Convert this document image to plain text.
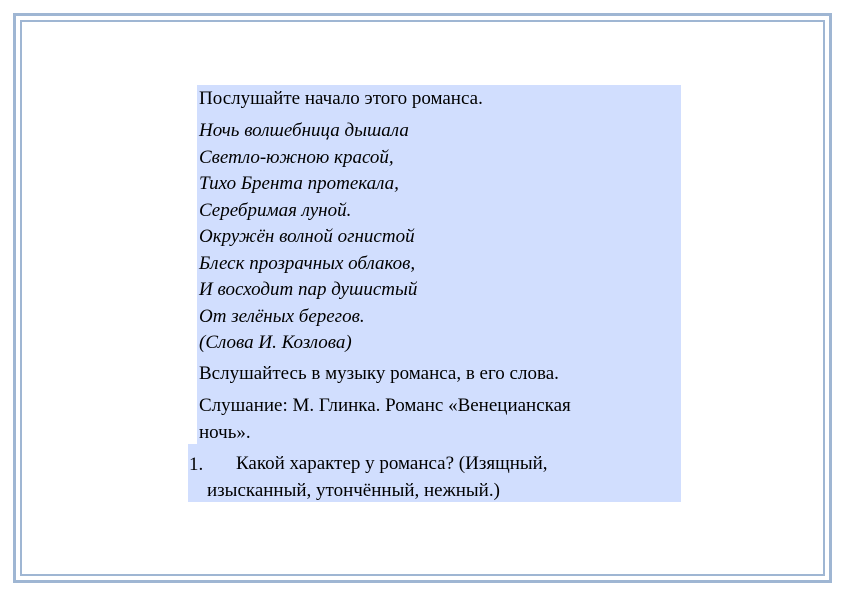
Послушайте начало этого романса.
Ночь волшебница дышала
Светло-южною красой,
Тихо Брента протекала,
Серебримая луной.
Окружён волной огнистой
Блеск прозрачных облаков,
И восходит пар душистый
От зелёных берегов.
(Слова И. Козлова)
Вслушайтесь в музыку романса, в его слова.
Слушание: М. Глинка. Романс «Венецианская
ночь».
1. Какой характер у романса? (Изящный,
изысканный, утончённый, нежный.)
